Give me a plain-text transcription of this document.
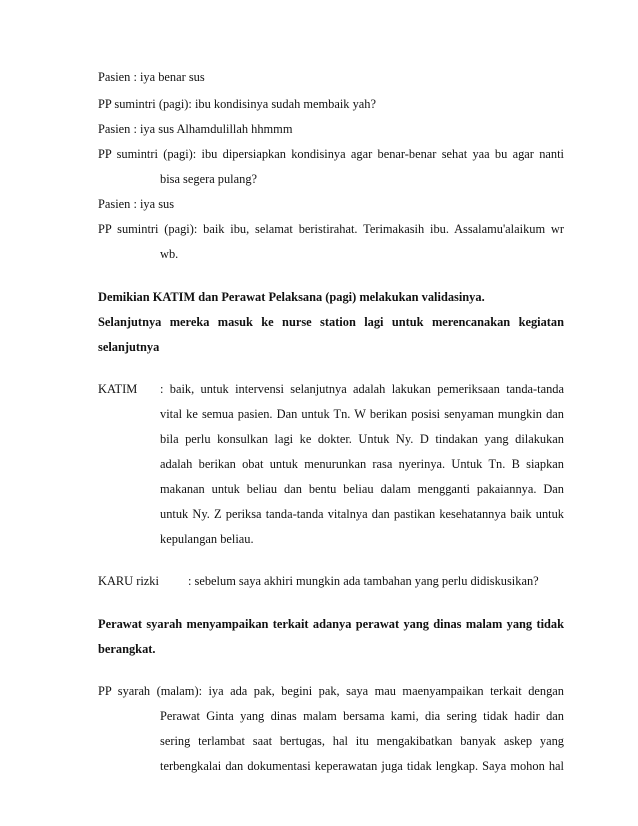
Pasien : iya benar sus
PP sumintri (pagi): ibu kondisinya sudah membaik yah?
Pasien : iya sus Alhamdulillah hhmmm
PP sumintri (pagi): ibu dipersiapkan kondisinya agar benar-benar sehat yaa bu agar nanti
bisa segera pulang?
Pasien : iya sus
PP sumintri (pagi): baik ibu, selamat beristirahat. Terimakasih ibu. Assalamu'alaikum wr
wb.
Demikian KATIM dan Perawat Pelaksana (pagi) melakukan validasinya.
Selanjutnya mereka masuk ke nurse station lagi untuk merencanakan kegiatan
selanjutnya
KATIM : baik, untuk intervensi selanjutnya adalah lakukan pemeriksaan tanda-tanda
vital ke semua pasien. Dan untuk Tn. W berikan posisi senyaman mungkin dan
bila perlu konsulkan lagi ke dokter. Untuk Ny. D tindakan yang dilakukan
adalah berikan obat untuk menurunkan rasa nyerinya. Untuk Tn. B siapkan
makanan untuk beliau dan bentu beliau dalam mengganti pakaiannya. Dan
untuk Ny. Z periksa tanda-tanda vitalnya dan pastikan kesehatannya baik untuk
kepulangan beliau.
KARU rizki : sebelum saya akhiri mungkin ada tambahan yang perlu didiskusikan?
Perawat syarah menyampaikan terkait adanya perawat yang dinas malam yang tidak
berangkat.
PP syarah (malam): iya ada pak, begini pak, saya mau maenyampaikan terkait dengan
Perawat Ginta yang dinas malam bersama kami, dia sering tidak hadir dan
sering terlambat saat bertugas, hal itu mengakibatkan banyak askep yang
terbengkalai dan dokumentasi keperawatan juga tidak lengkap. Saya mohon hal
